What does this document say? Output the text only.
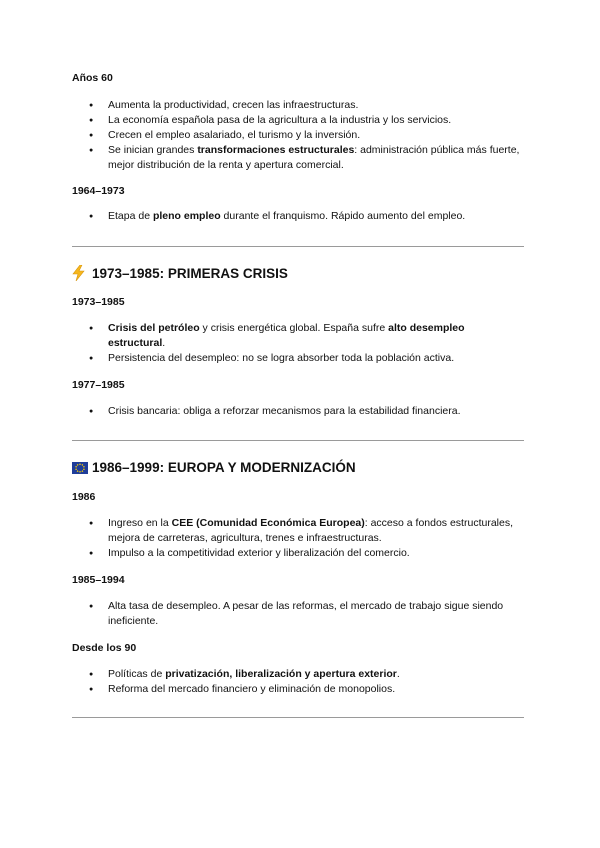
Años 60
● Aumenta la productividad, crecen las infraestructuras.
● La economía española pasa de la agricultura a la industria y los servicios.
● Crecen el empleo asalariado, el turismo y la inversión.
● Se inician grandes transformaciones estructurales: administración pública más fuerte, mejor distribución de la renta y apertura comercial.
1964–1973
● Etapa de pleno empleo durante el franquismo. Rápido aumento del empleo.
1973–1985: PRIMERAS CRISIS
1973–1985
● Crisis del petróleo y crisis energética global. España sufre alto desempleo estructural.
● Persistencia del desempleo: no se logra absorber toda la población activa.
1977–1985
● Crisis bancaria: obliga a reforzar mecanismos para la estabilidad financiera.
1986–1999: EUROPA Y MODERNIZACIÓN
1986
● Ingreso en la CEE (Comunidad Económica Europea): acceso a fondos estructurales, mejora de carreteras, agricultura, trenes e infraestructuras.
● Impulso a la competitividad exterior y liberalización del comercio.
1985–1994
● Alta tasa de desempleo. A pesar de las reformas, el mercado de trabajo sigue siendo ineficiente.
Desde los 90
● Políticas de privatización, liberalización y apertura exterior.
● Reforma del mercado financiero y eliminación de monopolios.
